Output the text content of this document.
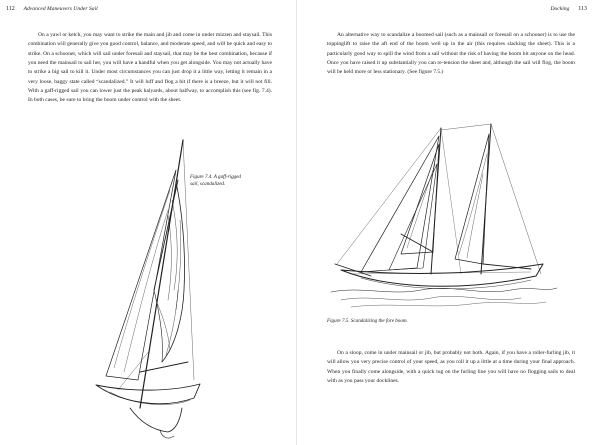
112 Advanced Maneuvers Under Sail

On a yawl or ketch, you may want to strike the main and jib and come in under mizzen and staysail. This combination will generally give you good control, balance, and moderate speed, and will be quick and easy to strike. On a schooner, which will sail under foresail and staysail, that may be the best combination, because if you need the mainsail to sail her, you will have a handful when you get alongside. You may not actually have to strike a big sail to kill it. Under most circumstances you can just drop it a little way, letting it remain in a very loose, baggy state called “scandalized.” It will luff and flog a bit if there is a breeze, but it will not fill. With a gaff-rigged sail you can lower just the peak halyards, about halfway, to accomplish this (see fig. 7.4). In both cases, be sure to bring the boom under control with the sheet.

Figure 7.4. A gaff-rigged
sail, scandalized.
Docking 113

An alternative way to scandalize a boomed sail (such as a mainsail or foresail on a schooner) is to use the toppinglift to raise the aft end of the boom well up in the air (this requires slacking the sheet). This is a particularly good way to spill the wind from a sail without the risk of having the boom hit anyone on the head. Once you have raised it up substantially you can re-tension the sheet and, although the sail will flog, the boom will be held more or less stationary. (See figure 7.5.)

Figure 7.5. Scandalizing the fore boom.

On a sloop, come in under mainsail or jib, but probably not both. Again, if you have a roller-furling jib, it will allow you very precise control of your speed, as you roll it up a little at a time during your final approach. When you finally come alongside, with a quick tug on the furling line you will have no flogging sails to deal with as you pass your docklines.
